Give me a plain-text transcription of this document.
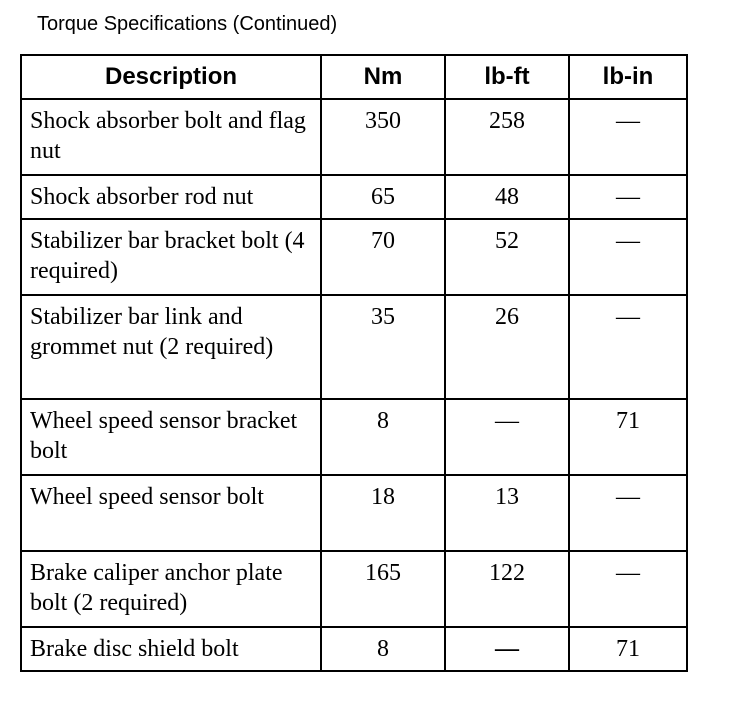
Torque Specifications (Continued)
Description	Nm	lb-ft	lb-in
Shock absorber bolt and flag nut	350	258	—
Shock absorber rod nut	65	48	—
Stabilizer bar bracket bolt (4 required)	70	52	—
Stabilizer bar link and grommet nut (2 required)	35	26	—
Wheel speed sensor bracket bolt	8	—	71
Wheel speed sensor bolt	18	13	—
Brake caliper anchor plate bolt (2 required)	165	122	—
Brake disc shield bolt	8	—	71
